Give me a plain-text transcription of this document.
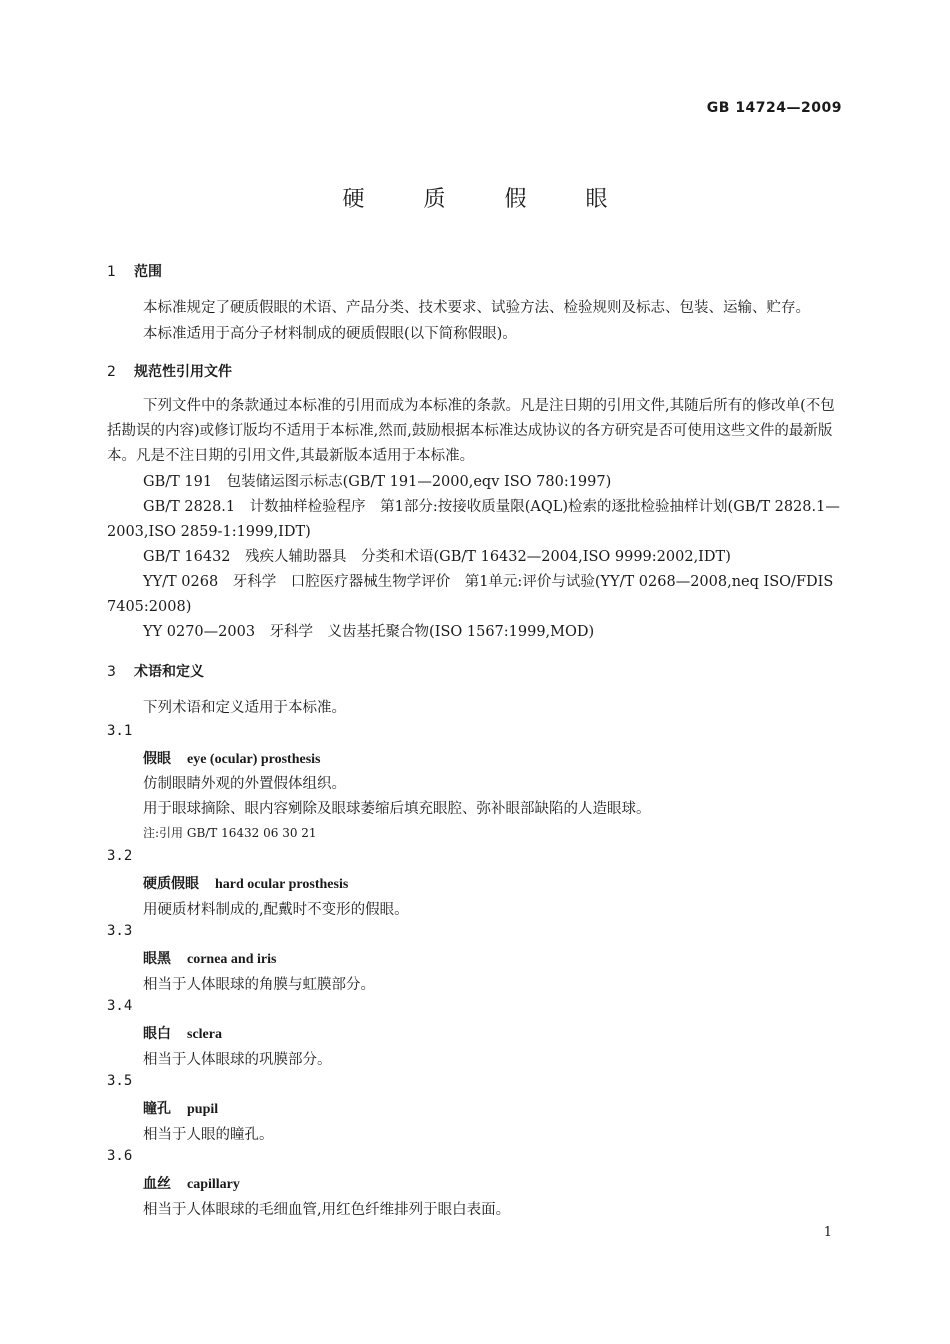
GB 14724—2009
硬 质 假 眼
1 范围
本标准规定了硬质假眼的术语、产品分类、技术要求、试验方法、检验规则及标志、包装、运输、贮存。
本标准适用于高分子材料制成的硬质假眼(以下简称假眼)。
2 规范性引用文件
下列文件中的条款通过本标准的引用而成为本标准的条款。凡是注日期的引用文件,其随后所有的修改单(不包括勘误的内容)或修订版均不适用于本标准,然而,鼓励根据本标准达成协议的各方研究是否可使用这些文件的最新版本。凡是不注日期的引用文件,其最新版本适用于本标准。
GB/T 191　包装储运图示标志(GB/T 191—2000,eqv ISO 780:1997)
GB/T 2828.1　计数抽样检验程序　第1部分:按接收质量限(AQL)检索的逐批检验抽样计划(GB/T 2828.1—2003,ISO 2859-1:1999,IDT)
GB/T 16432　残疾人辅助器具　分类和术语(GB/T 16432—2004,ISO 9999:2002,IDT)
YY/T 0268　牙科学　口腔医疗器械生物学评价　第1单元:评价与试验(YY/T 0268—2008,neq ISO/FDIS 7405:2008)
YY 0270—2003　牙科学　义齿基托聚合物(ISO 1567:1999,MOD)
3 术语和定义
下列术语和定义适用于本标准。
3.1
假眼 eye (ocular) prosthesis
仿制眼睛外观的外置假体组织。
用于眼球摘除、眼内容剜除及眼球萎缩后填充眼腔、弥补眼部缺陷的人造眼球。
注:引用 GB/T 16432 06 30 21
3.2
硬质假眼 hard ocular prosthesis
用硬质材料制成的,配戴时不变形的假眼。
3.3
眼黑 cornea and iris
相当于人体眼球的角膜与虹膜部分。
3.4
眼白 sclera
相当于人体眼球的巩膜部分。
3.5
瞳孔 pupil
相当于人眼的瞳孔。
3.6
血丝 capillary
相当于人体眼球的毛细血管,用红色纤维排列于眼白表面。
1
